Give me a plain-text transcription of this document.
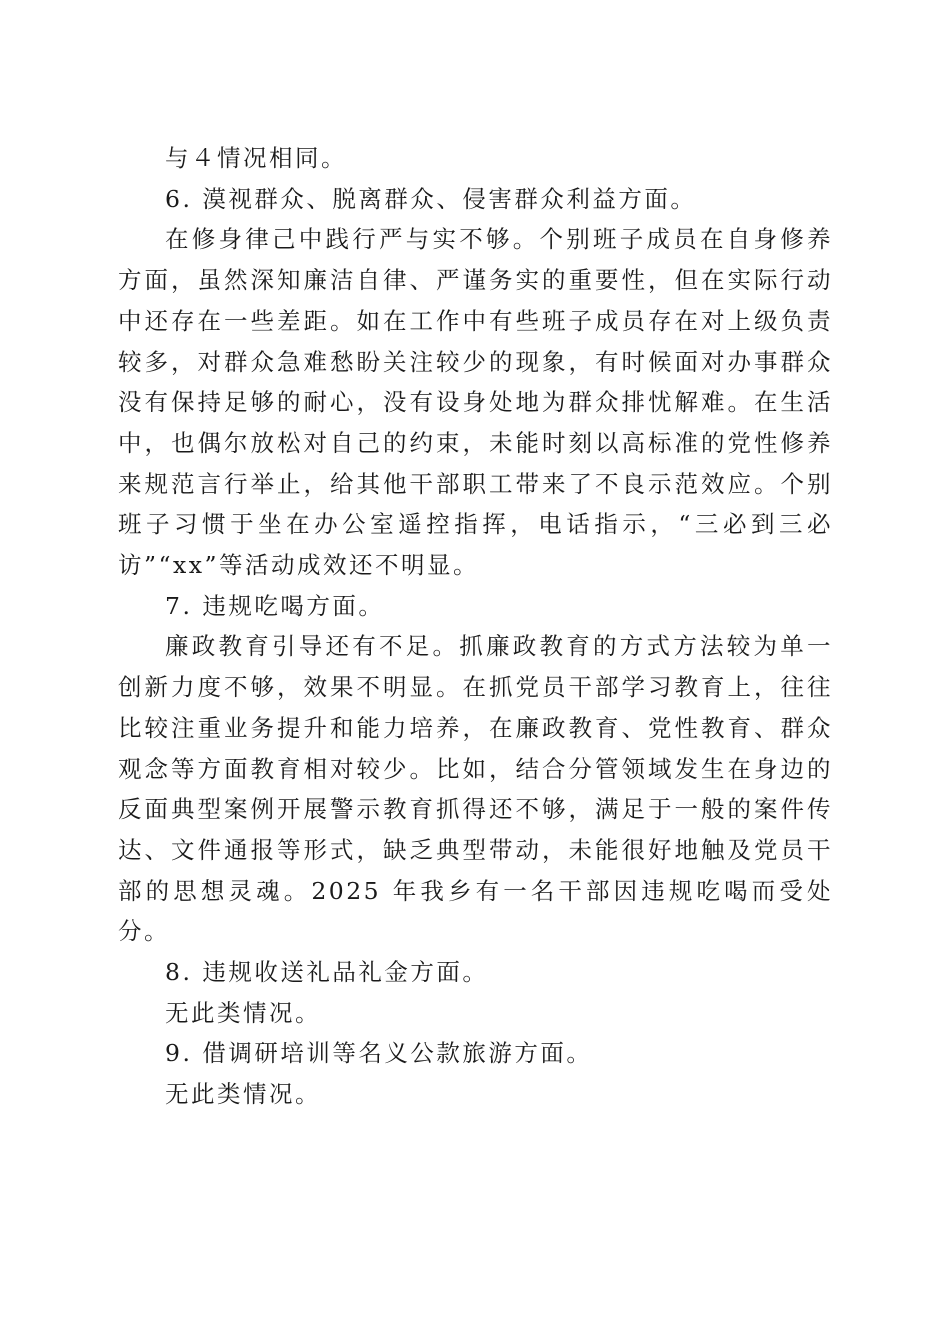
与４情况相同。

6. 漠视群众、脱离群众、侵害群众利益方面。

在修身律己中践行严与实不够。个别班子成员在自身修养方面，虽然深知廉洁自律、严谨务实的重要性，但在实际行动中还存在一些差距。如在工作中有些班子成员存在对上级负责较多，对群众急难愁盼关注较少的现象，有时候面对办事群众没有保持足够的耐心，没有设身处地为群众排忧解难。在生活中，也偶尔放松对自己的约束，未能时刻以高标准的党性修养来规范言行举止，给其他干部职工带来了不良示范效应。个别班子习惯于坐在办公室遥控指挥，电话指示，“三必到三必访”“xx”等活动成效还不明显。

7. 违规吃喝方面。

廉政教育引导还有不足。抓廉政教育的方式方法较为单一创新力度不够，效果不明显。在抓党员干部学习教育上，往往比较注重业务提升和能力培养，在廉政教育、党性教育、群众观念等方面教育相对较少。比如，结合分管领域发生在身边的反面典型案例开展警示教育抓得还不够，满足于一般的案件传达、文件通报等形式，缺乏典型带动，未能很好地触及党员干部的思想灵魂。2025 年我乡有一名干部因违规吃喝而受处分。

8. 违规收送礼品礼金方面。

无此类情况。

9. 借调研培训等名义公款旅游方面。

无此类情况。
